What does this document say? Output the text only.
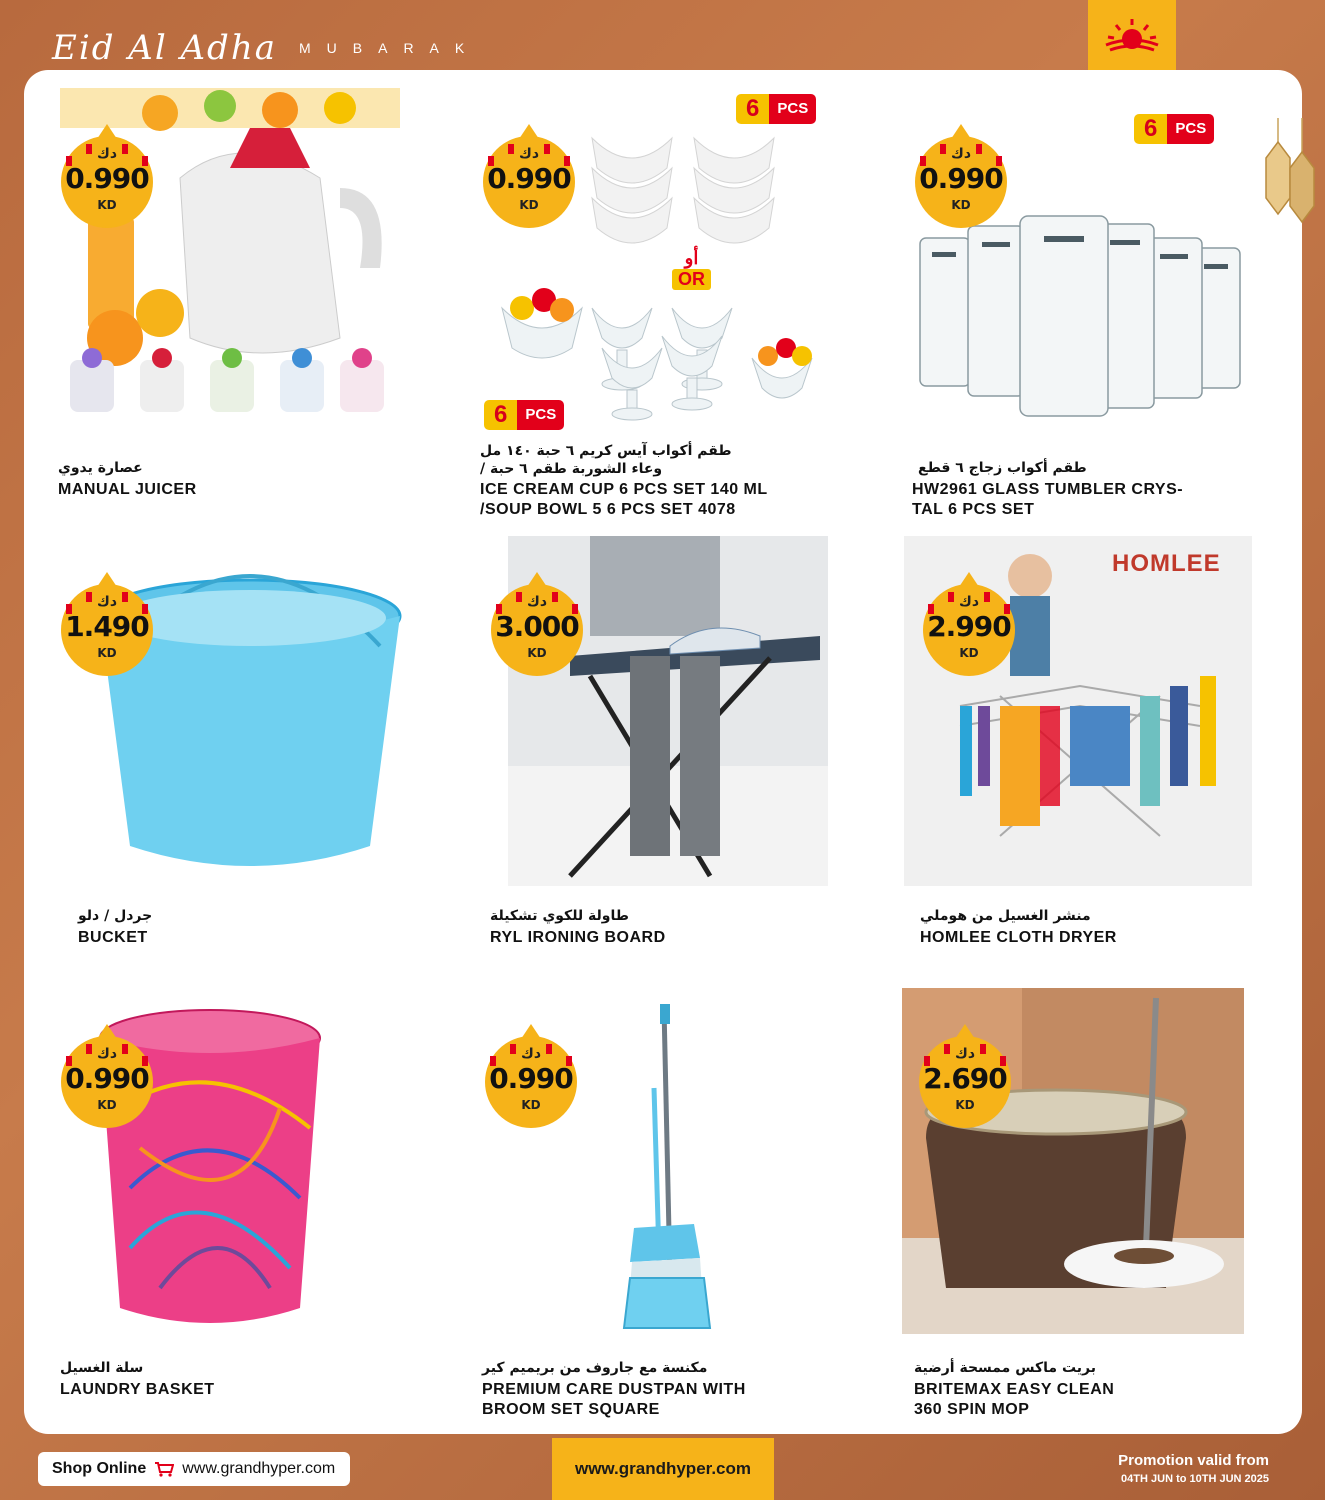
Eid Al Adha MUBARAK
دك
0.990
KD
عصارة يدوي
MANUAL JUICER
دك
0.990
KD
6	PCS
أو
OR
6	PCS
طقم أكواب آيس كريم ٦ حبة ١٤٠ مل
وعاء الشوربة طقم ٦ حبة /
ICE CREAM CUP 6 PCS SET 140 ML
/SOUP BOWL 5 6 PCS SET 4078
دك
0.990
KD
6	PCS
طقم أكواب زجاج ٦ قطع
HW2961 GLASS TUMBLER CRYS-
TAL 6 PCS SET
دك
1.490
KD
جردل / دلو
BUCKET
دك
3.000
KD
طاولة للكوي تشكيلة
RYL IRONING BOARD
دك
2.990
KD
HOMLEE
منشر الغسيل من هوملي
HOMLEE CLOTH DRYER
دك
0.990
KD
سلة الغسيل
LAUNDRY BASKET
دك
0.990
KD
مكنسة مع جاروف من بريميم كير
PREMIUM CARE DUSTPAN WITH
BROOM SET SQUARE
دك
2.690
KD
بريت ماكس ممسحة أرضية
BRITEMAX EASY CLEAN
360 SPIN MOP
Shop Online www.grandhyper.com	www.grandhyper.com	Promotion valid from
04TH JUN to 10TH JUN 2025
